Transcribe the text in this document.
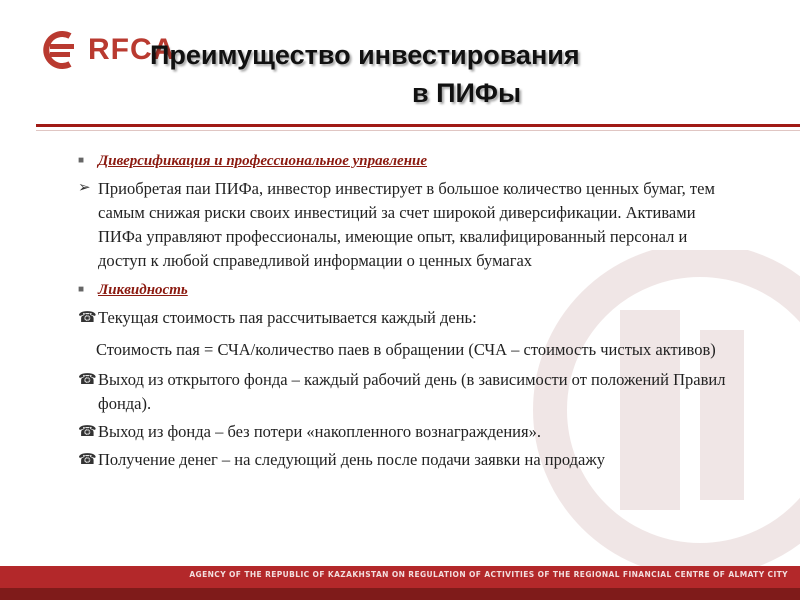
RFCA
Преимущество инвестирования
в ПИФы
■ Диверсификация и профессиональное управление
➢ Приобретая паи ПИФа, инвестор инвестирует в большое количество ценных бумаг, тем самым снижая риски своих инвестиций за счет широкой диверсификации. Активами ПИФа управляют профессионалы, имеющие опыт, квалифицированный персонал и доступ к любой справедливой информации о ценных бумагах
■ Ликвидность
☎ Текущая стоимость пая рассчитывается каждый день:
Стоимость пая = СЧА/количество паев в обращении (СЧА – стоимость чистых активов)
☎ Выход из открытого фонда – каждый рабочий день (в зависимости от положений Правил фонда).
☎ Выход из фонда – без потери «накопленного вознаграждения».
☎ Получение денег – на следующий день после подачи заявки на продажу
AGENCY OF THE REPUBLIC OF KAZAKHSTAN ON REGULATION OF ACTIVITIES OF THE REGIONAL FINANCIAL CENTRE OF ALMATY CITY
